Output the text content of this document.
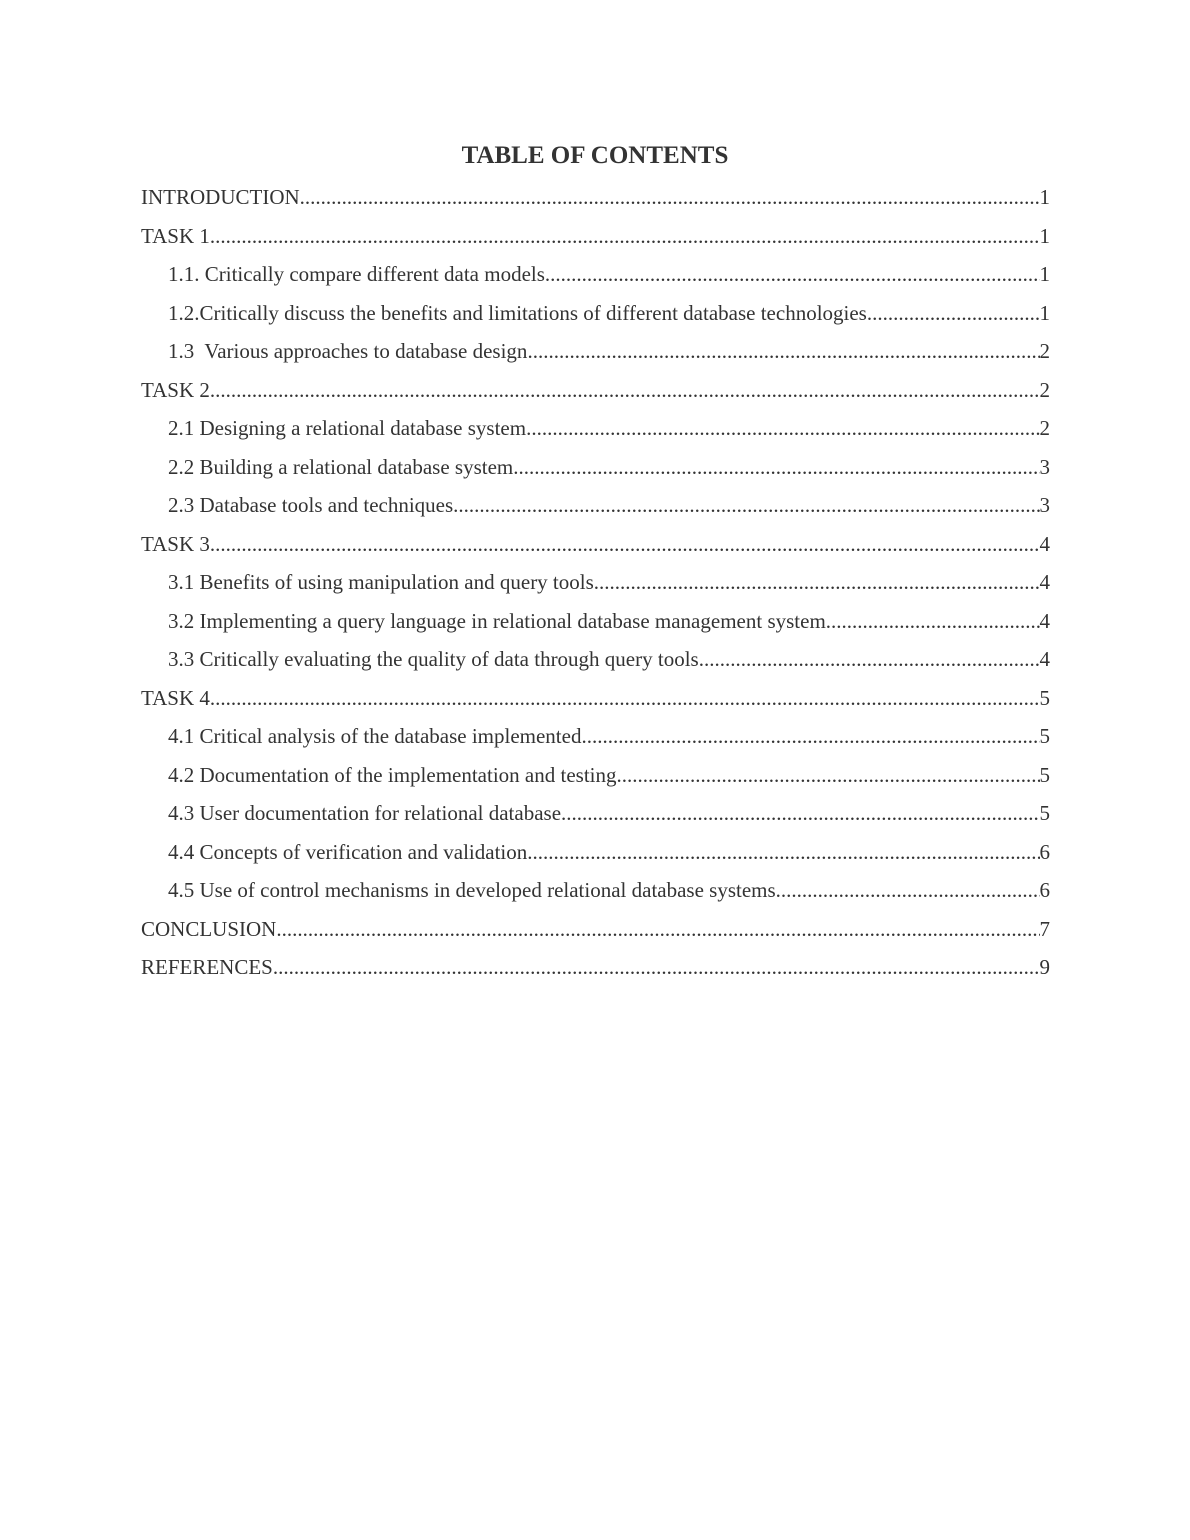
TABLE OF CONTENTS
INTRODUCTION .....	1
TASK 1 .....	1
1.1. Critically compare different data models .....	1
1.2.Critically discuss the benefits and limitations of different database technologies .....	1
1.3  Various approaches to database design .....	2
TASK 2 .....	2
2.1 Designing a relational database system .....	2
2.2 Building a relational database system .....	3
2.3 Database tools and techniques .....	3
TASK 3 .....	4
3.1 Benefits of using manipulation and query tools .....	4
3.2 Implementing a query language in relational database management system .....	4
3.3 Critically evaluating the quality of data through query tools .....	4
TASK 4 .....	5
4.1 Critical analysis of the database implemented .....	5
4.2 Documentation of the implementation and testing .....	5
4.3 User documentation for relational database .....	5
4.4 Concepts of verification and validation .....	6
4.5 Use of control mechanisms in developed relational database systems .....	6
CONCLUSION .....	7
REFERENCES .....	9
